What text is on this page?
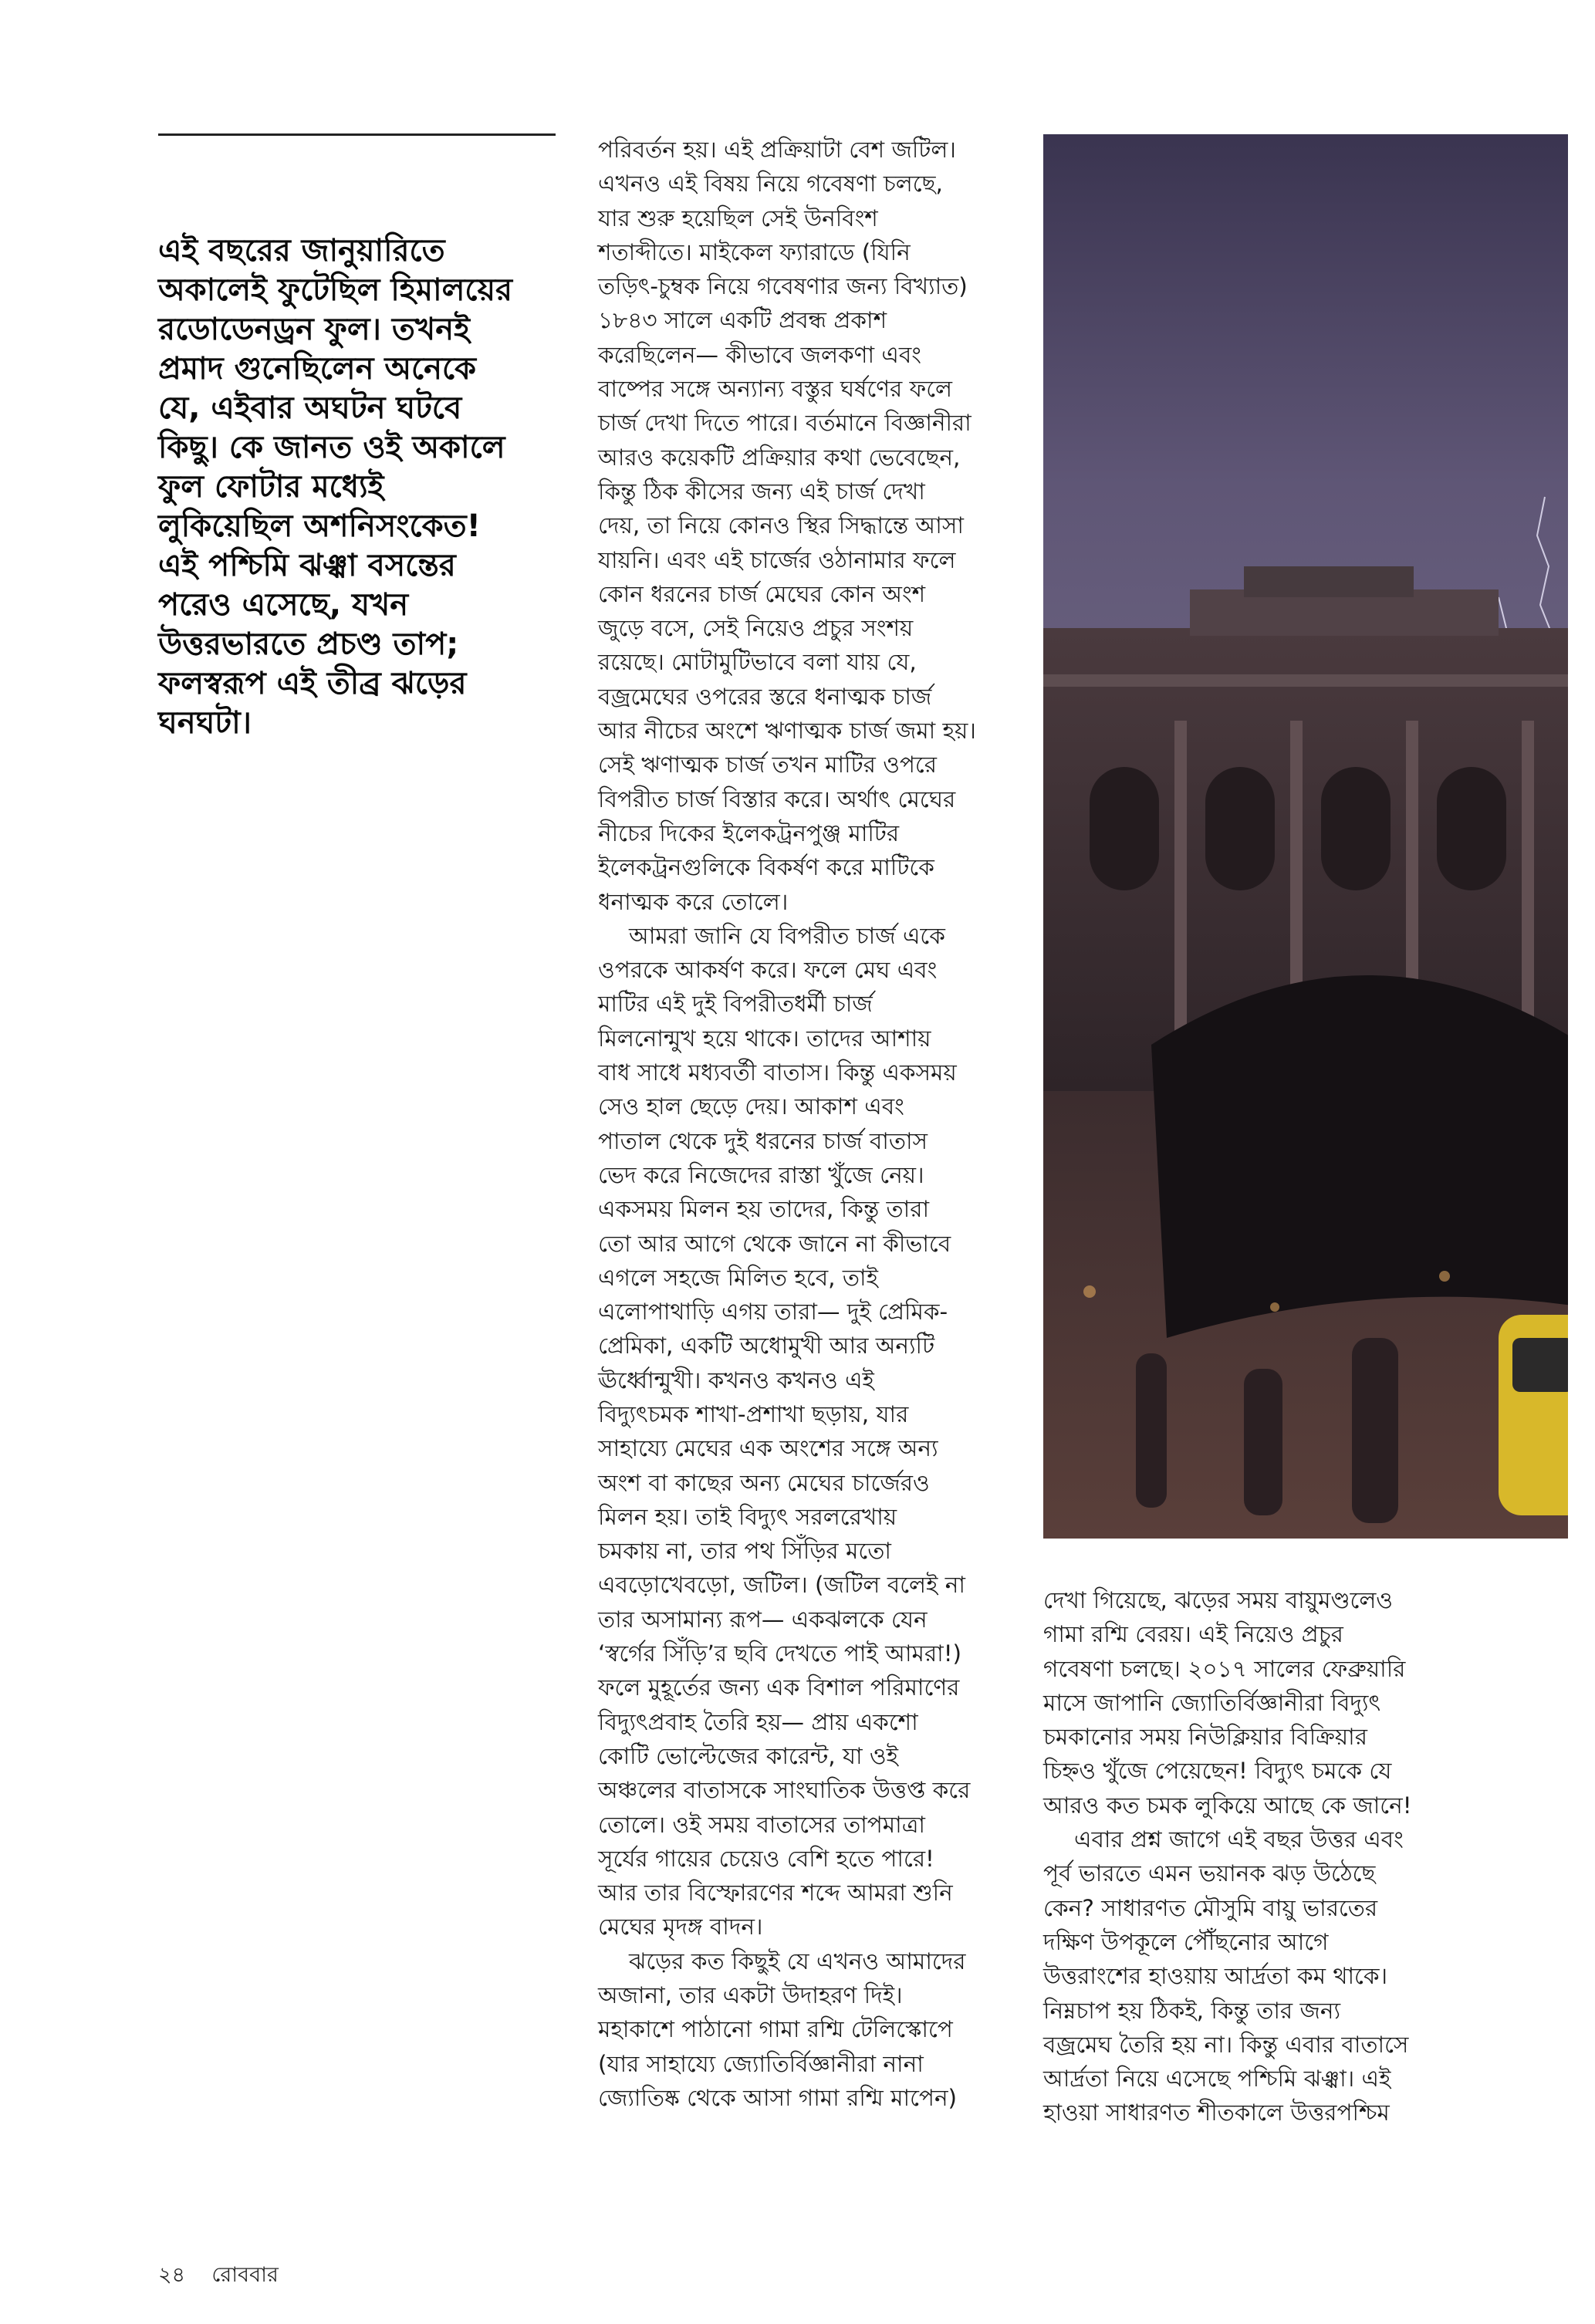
এই বছরের জানুয়ারিতে
অকালেই ফুটেছিল হিমালয়ের
রডোডেনড্রন ফুল। তখনই
প্রমাদ গুনেছিলেন অনেকে
যে, এইবার অঘটন ঘটবে
কিছু। কে জানত ওই অকালে
ফুল ফোটার মধ্যেই
লুকিয়েছিল অশনিসংকেত!
এই পশ্চিমি ঝঞ্ঝা বসন্তের
পরেও এসেছে, যখন
উত্তরভারতে প্রচণ্ড তাপ;
ফলস্বরূপ এই তীব্র ঝড়ের
ঘনঘটা।

পরিবর্তন হয়। এই প্রক্রিয়াটা বেশ জটিল।
এখনও এই বিষয় নিয়ে গবেষণা চলছে,
যার শুরু হয়েছিল সেই উনবিংশ
শতাব্দীতে। মাইকেল ফ্যারাডে (যিনি
তড়িৎ-চুম্বক নিয়ে গবেষণার জন্য বিখ্যাত)
১৮৪৩ সালে একটি প্রবন্ধ প্রকাশ
করেছিলেন— কীভাবে জলকণা এবং
বাষ্পের সঙ্গে অন্যান্য বস্তুর ঘর্ষণের ফলে
চার্জ দেখা দিতে পারে। বর্তমানে বিজ্ঞানীরা
আরও কয়েকটি প্রক্রিয়ার কথা ভেবেছেন,
কিন্তু ঠিক কীসের জন্য এই চার্জ দেখা
দেয়, তা নিয়ে কোনও স্থির সিদ্ধান্তে আসা
যায়নি। এবং এই চার্জের ওঠানামার ফলে
কোন ধরনের চার্জ মেঘের কোন অংশ
জুড়ে বসে, সেই নিয়েও প্রচুর সংশয়
রয়েছে। মোটামুটিভাবে বলা যায় যে,
বজ্রমেঘের ওপরের স্তরে ধনাত্মক চার্জ
আর নীচের অংশে ঋণাত্মক চার্জ জমা হয়।
সেই ঋণাত্মক চার্জ তখন মাটির ওপরে
বিপরীত চার্জ বিস্তার করে। অর্থাৎ মেঘের
নীচের দিকের ইলেকট্রনপুঞ্জ মাটির
ইলেকট্রনগুলিকে বিকর্ষণ করে মাটিকে
ধনাত্মক করে তোলে।
আমরা জানি যে বিপরীত চার্জ একে
ওপরকে আকর্ষণ করে। ফলে মেঘ এবং
মাটির এই দুই বিপরীতধর্মী চার্জ
মিলনোন্মুখ হয়ে থাকে। তাদের আশায়
বাধ সাধে মধ্যবর্তী বাতাস। কিন্তু একসময়
সেও হাল ছেড়ে দেয়। আকাশ এবং
পাতাল থেকে দুই ধরনের চার্জ বাতাস
ভেদ করে নিজেদের রাস্তা খুঁজে নেয়।
একসময় মিলন হয় তাদের, কিন্তু তারা
তো আর আগে থেকে জানে না কীভাবে
এগলে সহজে মিলিত হবে, তাই
এলোপাথাড়ি এগয় তারা— দুই প্রেমিক-
প্রেমিকা, একটি অধোমুখী আর অন্যটি
ঊর্ধ্বোন্মুখী। কখনও কখনও এই
বিদ্যুৎচমক শাখা-প্রশাখা ছড়ায়, যার
সাহায্যে মেঘের এক অংশের সঙ্গে অন্য
অংশ বা কাছের অন্য মেঘের চার্জেরও
মিলন হয়। তাই বিদ্যুৎ সরলরেখায়
চমকায় না, তার পথ সিঁড়ির মতো
এবড়োখেবড়ো, জটিল। (জটিল বলেই না
তার অসামান্য রূপ— একঝলকে যেন
‘স্বর্গের সিঁড়ি’র ছবি দেখতে পাই আমরা!)
ফলে মুহূর্তের জন্য এক বিশাল পরিমাণের
বিদ্যুৎপ্রবাহ তৈরি হয়— প্রায় একশো
কোটি ভোল্টেজের কারেন্ট, যা ওই
অঞ্চলের বাতাসকে সাংঘাতিক উত্তপ্ত করে
তোলে। ওই সময় বাতাসের তাপমাত্রা
সূর্যের গায়ের চেয়েও বেশি হতে পারে!
আর তার বিস্ফোরণের শব্দে আমরা শুনি
মেঘের মৃদঙ্গ বাদন।
ঝড়ের কত কিছুই যে এখনও আমাদের
অজানা, তার একটা উদাহরণ দিই।
মহাকাশে পাঠানো গামা রশ্মি টেলিস্কোপে
(যার সাহায্যে জ্যোতির্বিজ্ঞানীরা নানা
জ্যোতিষ্ক থেকে আসা গামা রশ্মি মাপেন)
দেখা গিয়েছে, ঝড়ের সময় বায়ুমণ্ডলেও
গামা রশ্মি বেরয়। এই নিয়েও প্রচুর
গবেষণা চলছে। ২০১৭ সালের ফেব্রুয়ারি
মাসে জাপানি জ্যোতির্বিজ্ঞানীরা বিদ্যুৎ
চমকানোর সময় নিউক্লিয়ার বিক্রিয়ার
চিহ্নও খুঁজে পেয়েছেন! বিদ্যুৎ চমকে যে
আরও কত চমক লুকিয়ে আছে কে জানে!
এবার প্রশ্ন জাগে এই বছর উত্তর এবং
পূর্ব ভারতে এমন ভয়ানক ঝড় উঠেছে
কেন? সাধারণত মৌসুমি বায়ু ভারতের
দক্ষিণ উপকূলে পৌঁছনোর আগে
উত্তরাংশের হাওয়ায় আর্দ্রতা কম থাকে।
নিম্নচাপ হয় ঠিকই, কিন্তু তার জন্য
বজ্রমেঘ তৈরি হয় না। কিন্তু এবার বাতাসে
আর্দ্রতা নিয়ে এসেছে পশ্চিমি ঝঞ্ঝা। এই
হাওয়া সাধারণত শীতকালে উত্তরপশ্চিম
২৪ রোববার
